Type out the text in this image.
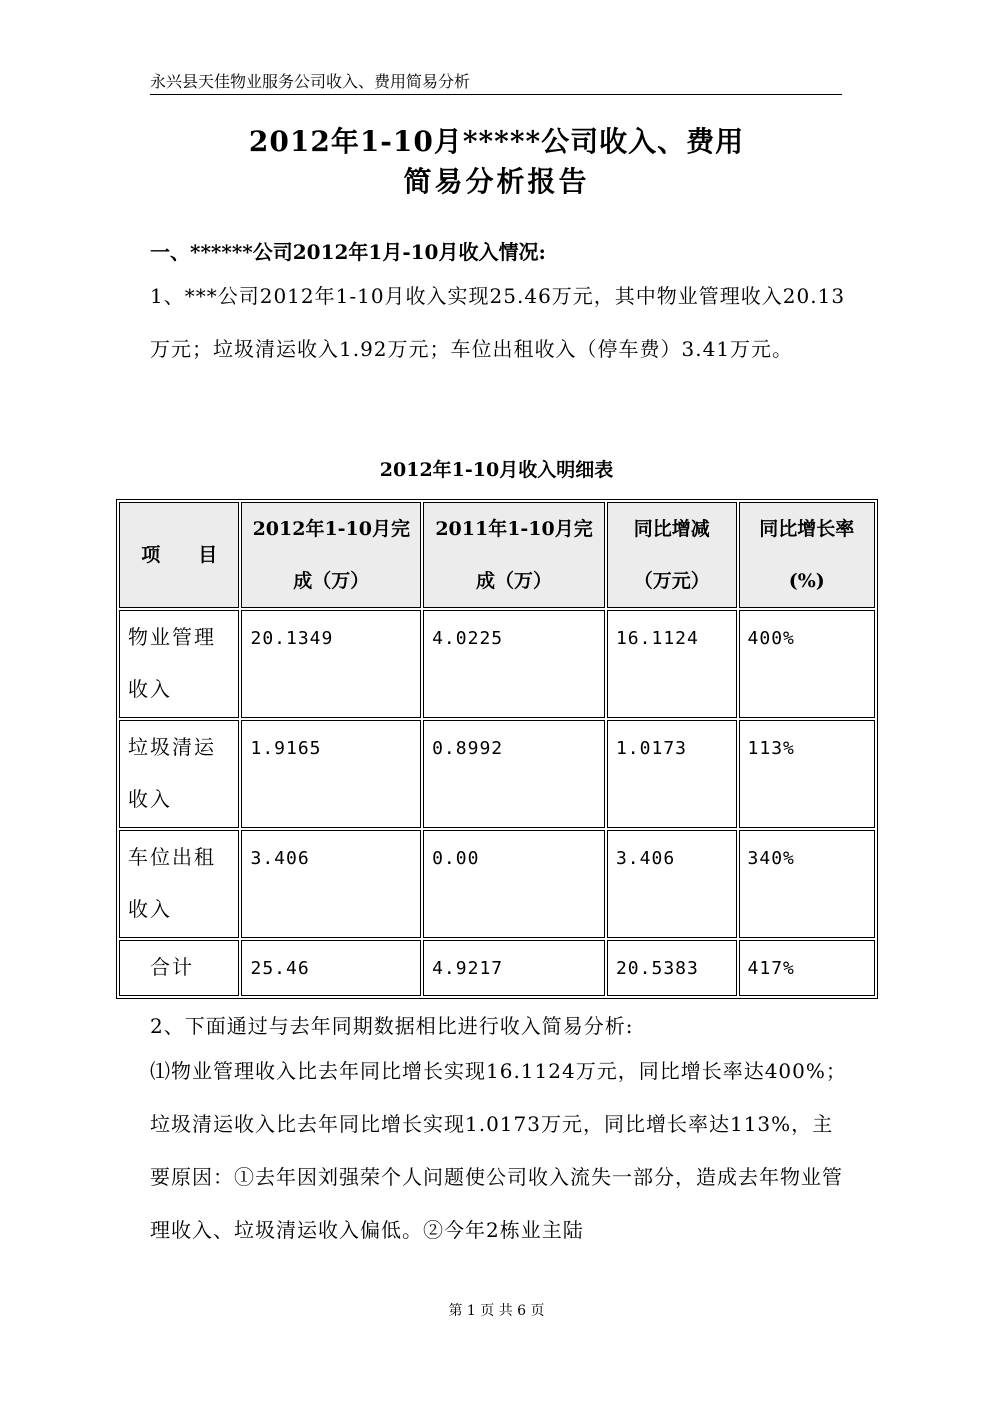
永兴县天佳物业服务公司收入、费用简易分析
2012年1-10月*****公司收入、费用
简易分析报告
一、******公司2012年1月-10月收入情况:
1、***公司2012年1-10月收入实现25.46万元，其中物业管理收入20.13万元；垃圾清运收入1.92万元；车位出租收入（停车费）3.41万元。
2012年1-10月收入明细表
项　　目	2012年1-10月完成（万）	2011年1-10月完成（万）	同比增减（万元）	同比增长率(%)
物业管理收入	20.1349	4.0225	16.1124	400%
垃圾清运收入	1.9165	0.8992	1.0173	113%
车位出租收入	3.406	0.00	3.406	340%
合计	25.46	4.9217	20.5383	417%
2、下面通过与去年同期数据相比进行收入简易分析:
⑴物业管理收入比去年同比增长实现16.1124万元，同比增长率达400%；垃圾清运收入比去年同比增长实现1.0173万元，同比增长率达113%，主要原因：①去年因刘强荣个人问题使公司收入流失一部分，造成去年物业管理收入、垃圾清运收入偏低。②今年2栋业主陆
第 1 页 共 6 页
